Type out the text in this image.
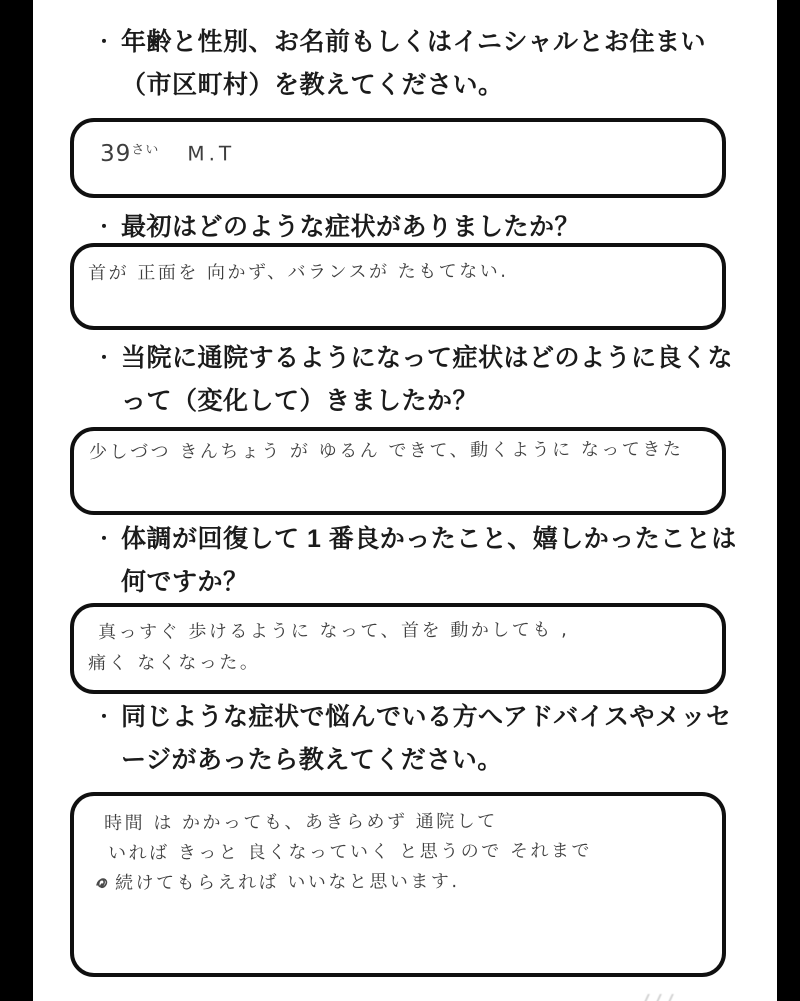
・ 年齢と性別、お名前もしくはイニシャルとお住まい
（市区町村）を教えてください。
$39^{さい}$ M.T
・ 最初はどのような症状がありましたか？
首が 正面を 向かず、バランスが たもてない.
・ 当院に通院するようになって症状はどのように良くな
って（変化して）きましたか？
少しづつ きんちょう が ゆるん できて、動くように なってきた
・ 体調が回復して 1 番良かったこと、嬉しかったことは
何ですか？
真っすぐ 歩けるように なって、首を 動かしても ,
痛く なくなった。
・ 同じような症状で悩んでいる方へアドバイスやメッセ
ージがあったら教えてください。
時間 は かかっても、あきらめず 通院して
いれば きっと 良くなっていく と思うので それまで
続けてもらえれば いいなと思います.
